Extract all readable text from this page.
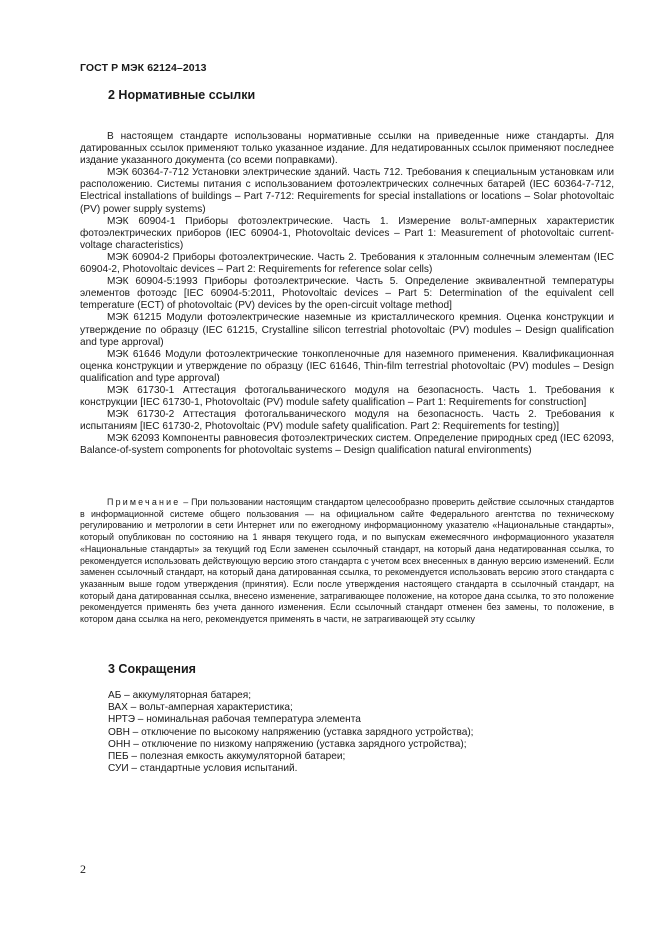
ГОСТ Р МЭК 62124–2013
2 Нормативные ссылки

В настоящем стандарте использованы нормативные ссылки на приведенные ниже стандарты. Для датированных ссылок применяют только указанное издание. Для недатированных ссылок применяют последнее издание указанного документа (со всеми поправками).

МЭК 60364-7-712 Установки электрические зданий. Часть 712. Требования к специальным установкам или расположению. Системы питания с использованием фотоэлектрических солнечных батарей (IEC 60364-7-712, Electrical installations of buildings – Part 7-712: Requirements for special installations or locations – Solar photovoltaic (PV) power supply systems)

МЭК 60904-1 Приборы фотоэлектрические. Часть 1. Измерение вольт-амперных характеристик фотоэлектрических приборов (IEC 60904-1, Photovoltaic devices – Part 1: Measurement of photovoltaic current-voltage characteristics)

МЭК 60904-2 Приборы фотоэлектрические. Часть 2. Требования к эталонным солнечным элементам (IEC 60904-2, Photovoltaic devices – Part 2: Requirements for reference solar cells)

МЭК 60904-5:1993 Приборы фотоэлектрические. Часть 5. Определение эквивалентной температуры элементов фотоэдс [IEC 60904-5:2011, Photovoltaic devices – Part 5: Determination of the equivalent cell temperature (ECT) of photovoltaic (PV) devices by the open-circuit voltage method]

МЭК 61215 Модули фотоэлектрические наземные из кристаллического кремния. Оценка конструкции и утверждение по образцу (IEC 61215, Crystalline silicon terrestrial photovoltaic (PV) modules – Design qualification and type approval)

МЭК 61646 Модули фотоэлектрические тонкопленочные для наземного применения. Квалификационная оценка конструкции и утверждение по образцу (IEC 61646, Thin-film terrestrial photovoltaic (PV) modules – Design qualification and type approval)

МЭК 61730-1 Аттестация фотогальванического модуля на безопасность. Часть 1. Требования к конструкции [IEC 61730-1, Photovoltaic (PV) module safety qualification – Part 1: Requirements for construction]

МЭК 61730-2 Аттестация фотогальванического модуля на безопасность. Часть 2. Требования к испытаниям [IEC 61730-2, Photovoltaic (PV) module safety qualification. Part 2: Requirements for testing)]

МЭК 62093 Компоненты равновесия фотоэлектрических систем. Определение природных сред (IEC 62093, Balance-of-system components for photovoltaic systems – Design qualification natural environments)

Примечание – При пользовании настоящим стандартом целесообразно проверить действие ссылочных стандартов в информационной системе общего пользования — на официальном сайте Федерального агентства по техническому регулированию и метрологии в сети Интернет или по ежегодному информационному указателю «Национальные стандарты», который опубликован по состоянию на 1 января текущего года, и по выпускам ежемесячного информационного указателя «Национальные стандарты» за текущий год Если заменен ссылочный стандарт, на который дана недатированная ссылка, то рекомендуется использовать действующую версию этого стандарта с учетом всех внесенных в данную версию изменений. Если заменен ссылочный стандарт, на который дана датированная ссылка, то рекомендуется использовать версию этого стандарта с указанным выше годом утверждения (принятия). Если после утверждения настоящего стандарта в ссылочный стандарт, на который дана датированная ссылка, внесено изменение, затрагивающее положение, на которое дана ссылка, то это положение рекомендуется применять без учета данного изменения. Если ссылочный стандарт отменен без замены, то положение, в котором дана ссылка на него, рекомендуется применять в части, не затрагивающей эту ссылку
3 Сокращения
АБ – аккумуляторная батарея;
ВАХ – вольт-амперная характеристика;
НРТЭ – номинальная рабочая температура элемента
ОВН – отключение по высокому напряжению (уставка зарядного устройства);
ОНН – отключение по низкому напряжению (уставка зарядного устройства);
ПЕБ – полезная емкость аккумуляторной батареи;
СУИ – стандартные условия испытаний.
2
